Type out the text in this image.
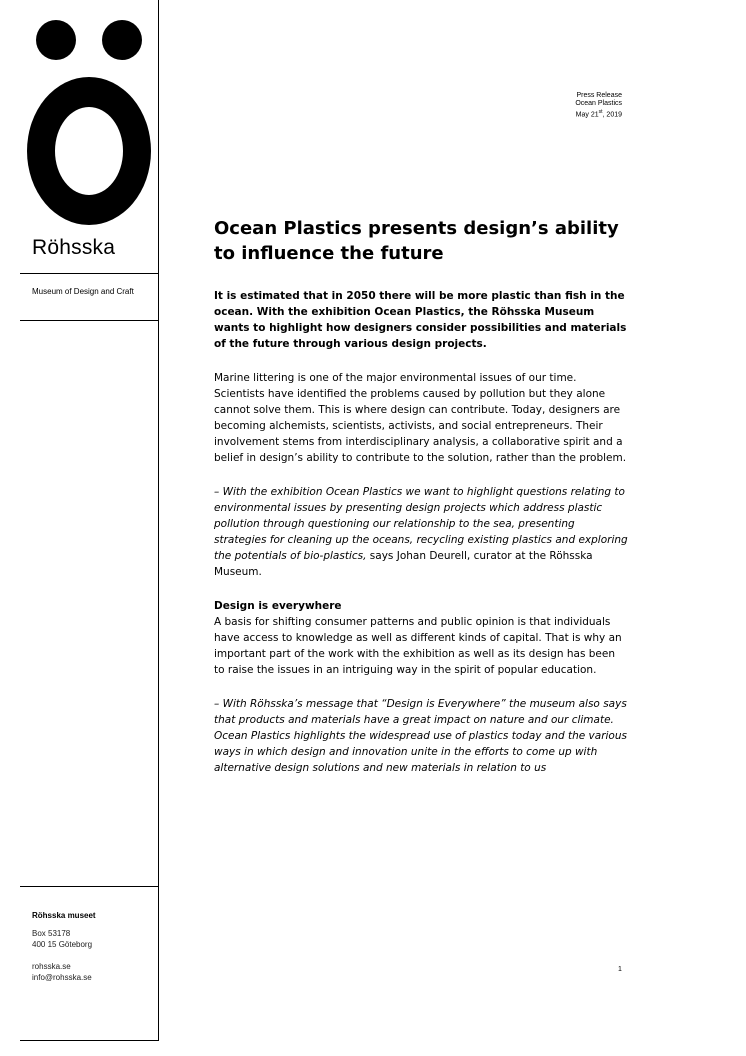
Röhsska
Museum of Design and Craft
Röhsska museet
Box 53178
400 15 Göteborg
rohsska.se
info@rohsska.se
Press Release
Ocean Plastics
May 21st, 2019
Ocean Plastics presents design’s ability to influence the future

It is estimated that in 2050 there will be more plastic than fish in the ocean. With the exhibition Ocean Plastics, the Röhsska Museum wants to highlight how designers consider possibilities and materials of the future through various design projects.

Marine littering is one of the major environmental issues of our time. Scientists have identified the problems caused by pollution but they alone cannot solve them. This is where design can contribute. Today, designers are becoming alchemists, scientists, activists, and social entrepreneurs. Their involvement stems from interdisciplinary analysis, a collaborative spirit and a belief in design’s ability to contribute to the solution, rather than the problem.

– With the exhibition Ocean Plastics we want to highlight questions relating to environmental issues by presenting design projects which address plastic pollution through questioning our relationship to the sea, presenting strategies for cleaning up the oceans, recycling existing plastics and exploring the potentials of bio-plastics, says Johan Deurell, curator at the Röhsska Museum.

Design is everywhere
A basis for shifting consumer patterns and public opinion is that individuals have access to knowledge as well as different kinds of capital. That is why an important part of the work with the exhibition as well as its design has been to raise the issues in an intriguing way in the spirit of popular education.

– With Röhsska’s message that “Design is Everywhere” the museum also says that products and materials have a great impact on nature and our climate. Ocean Plastics highlights the widespread use of plastics today and the various ways in which design and innovation unite in the efforts to come up with alternative design solutions and new materials in relation to us

1
